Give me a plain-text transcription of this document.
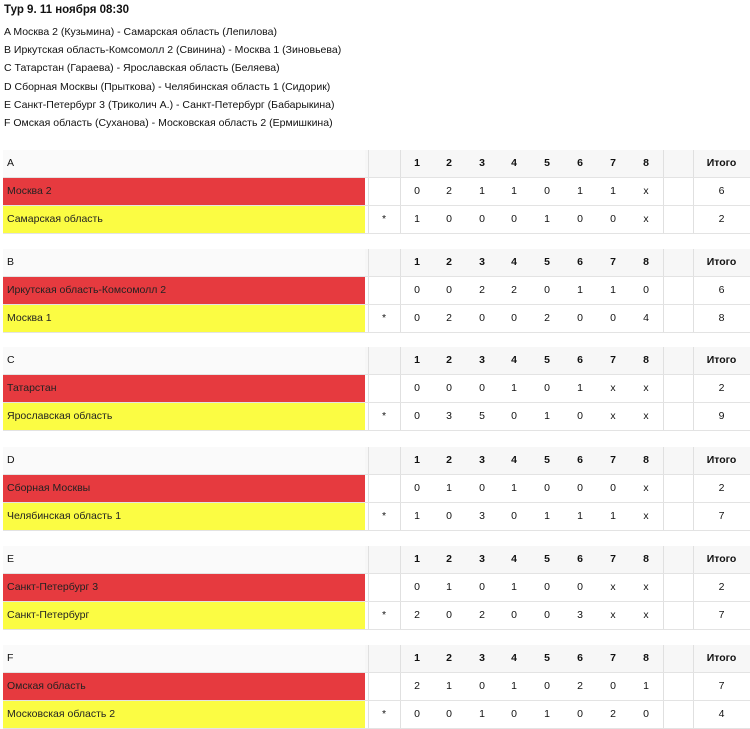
Тур 9. 11 ноября 08:30
A Москва 2 (Кузьмина) - Самарская область (Лепилова)
B Иркутская область-Комсомолл 2 (Свинина) - Москва 1 (Зиновьева)
C Татарстан (Гараева) - Ярославская область (Беляева)
D Сборная Москвы (Прыткова) - Челябинская область 1 (Сидорик)
E Санкт-Петербург 3 (Триколич А.) - Санкт-Петербург (Бабарыкина)
F Омская область (Суханова) - Московская область 2 (Ермишкина)
A	1	2	3	4	5	6	7	8	Итого
Москва 2	0	2	1	1	0	1	1	x	6
Самарская область	*	1	0	0	0	1	0	0	x	2
B	1	2	3	4	5	6	7	8	Итого
Иркутская область-Комсомолл 2	0	0	2	2	0	1	1	0	6
Москва 1	*	0	2	0	0	2	0	0	4	8
C	1	2	3	4	5	6	7	8	Итого
Татарстан	0	0	0	1	0	1	x	x	2
Ярославская область	*	0	3	5	0	1	0	x	x	9
D	1	2	3	4	5	6	7	8	Итого
Сборная Москвы	0	1	0	1	0	0	0	x	2
Челябинская область 1	*	1	0	3	0	1	1	1	x	7
E	1	2	3	4	5	6	7	8	Итого
Санкт-Петербург 3	0	1	0	1	0	0	x	x	2
Санкт-Петербург	*	2	0	2	0	0	3	x	x	7
F	1	2	3	4	5	6	7	8	Итого
Омская область	2	1	0	1	0	2	0	1	7
Московская область 2	*	0	0	1	0	1	0	2	0	4
